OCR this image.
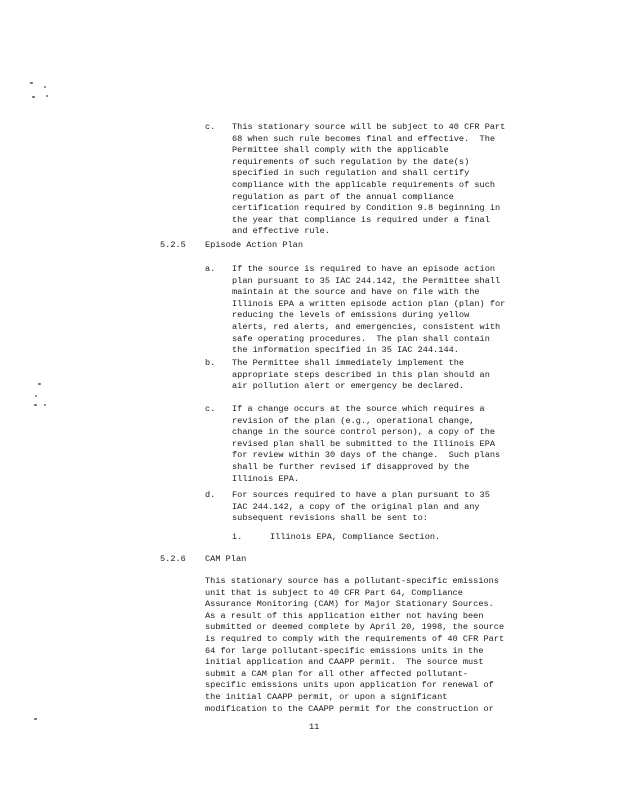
c. This stationary source will be subject to 40 CFR Part
68 when such rule becomes final and effective.  The
Permittee shall comply with the applicable
requirements of such regulation by the date(s)
specified in such regulation and shall certify
compliance with the applicable requirements of such
regulation as part of the annual compliance
certification required by Condition 9.8 beginning in
the year that compliance is required under a final
and effective rule.
5.2.5 Episode Action Plan
a. If the source is required to have an episode action
plan pursuant to 35 IAC 244.142, the Permittee shall
maintain at the source and have on file with the
Illinois EPA a written episode action plan (plan) for
reducing the levels of emissions during yellow
alerts, red alerts, and emergencies, consistent with
safe operating procedures.  The plan shall contain
the information specified in 35 IAC 244.144.
b. The Permittee shall immediately implement the
appropriate steps described in this plan should an
air pollution alert or emergency be declared.
c. If a change occurs at the source which requires a
revision of the plan (e.g., operational change,
change in the source control person), a copy of the
revised plan shall be submitted to the Illinois EPA
for review within 30 days of the change.  Such plans
shall be further revised if disapproved by the
Illinois EPA.
d. For sources required to have a plan pursuant to 35
IAC 244.142, a copy of the original plan and any
subsequent revisions shall be sent to:
i.	Illinois EPA, Compliance Section.
5.2.6 CAM Plan
This stationary source has a pollutant-specific emissions
unit that is subject to 40 CFR Part 64, Compliance
Assurance Monitoring (CAM) for Major Stationary Sources.
As a result of this application either not having been
submitted or deemed complete by April 20, 1998, the source
is required to comply with the requirements of 40 CFR Part
64 for large pollutant-specific emissions units in the
initial application and CAAPP permit.  The source must
submit a CAM plan for all other affected pollutant-
specific emissions units upon application for renewal of
the initial CAAPP permit, or upon a significant
modification to the CAAPP permit for the construction or
11
